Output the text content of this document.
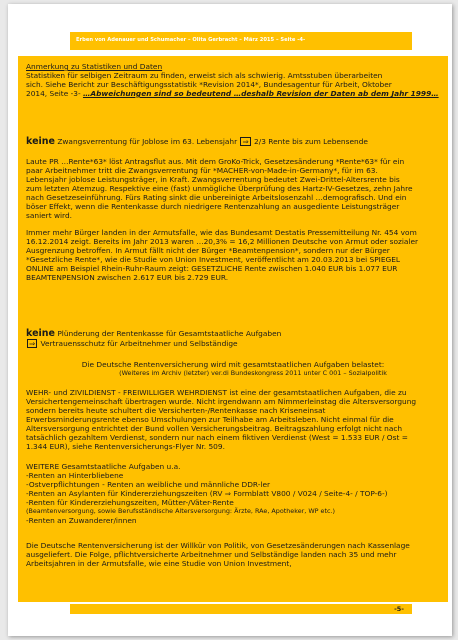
Erben von Adenauer und Schumacher – Olita Gerbracht – März 2015 – Seite -4-
Anmerkung zu Statistiken und Daten
Statistiken für selbigen Zeitraum zu finden, erweist sich als schwierig. Amtsstuben überarbeiten
sich. Siehe Bericht zur Beschäftigungsstatistik *Revision 2014*, Bundesagentur für Arbeit, Oktober
2014, Seite -3- …Abweichungen sind so bedeutend …deshalb Revision der Daten ab dem Jahr 1999…
keine Zwangsverrentung für Joblose im 63. Lebensjahr ⇒ 2/3 Rente bis zum Lebensende
Laute PR …Rente*63* löst Antragsflut aus. Mit dem GroKo-Trick, Gesetzesänderung *Rente*63* für ein
paar Arbeitnehmer tritt die Zwangsverrentung für *MACHER-von-Made-in-Germany*, für im 63.
Lebensjahr joblose Leistungsträger, in Kraft. Zwangsverrentung bedeutet Zwei-Drittel-Altersrente bis
zum letzten Atemzug. Respektive eine (fast) unmögliche Überprüfung des Hartz-IV-Gesetzes, zehn Jahre
nach Gesetzeseinführung. Fürs Rating sinkt die unbereinigte Arbeitslosenzahl …demografisch. Und ein
böser Effekt, wenn die Rentenkasse durch niedrigere Rentenzahlung an ausgediente Leistungsträger
saniert wird.
Immer mehr Bürger landen in der Armutsfalle, wie das Bundesamt Destatis Pressemitteilung Nr. 454 vom
16.12.2014 zeigt. Bereits im Jahr 2013 waren …20,3% = 16,2 Millionen Deutsche von Armut oder sozialer
Ausgrenzung betroffen. In Armut fällt nicht der Bürger *Beamtenpension*, sondern nur der Bürger
*Gesetzliche Rente*, wie die Studie von Union Investment, veröffentlicht am 20.03.2013 bei SPIEGEL
ONLINE am Beispiel Rhein-Ruhr-Raum zeigt: GESETZLICHE Rente zwischen 1.040 EUR bis 1.077 EUR
BEAMTENPENSION zwischen 2.617 EUR bis 2.729 EUR.
keine Plünderung der Rentenkasse für Gesamtstaatliche Aufgaben
⇒ Vertrauensschutz für Arbeitnehmer und Selbständige
Die Deutsche Rentenversicherung wird mit gesamtstaatlichen Aufgaben belastet:
(Weiteres im Archiv (letzter) ver.di Bundeskongress 2011 unter C 001 – Sozialpolitik
WEHR- und ZIVILDIENST - FREIWILLIGER WEHRDIENST ist eine der gesamtstaatlichen Aufgaben, die zu
Versichertengemeinschaft übertragen wurde. Nicht irgendwann am Nimmerleinstag die Altersversorgung
sondern bereits heute schultert die Versicherten-/Rentenkasse nach Kriseneinsat
Erwerbsminderungsrente ebenso Umschulungen zur Teilhabe am Arbeitsleben. Nicht einmal für die
Altersversorgung entrichtet der Bund vollen Versicherungsbeitrag. Beitragszahlung erfolgt nicht nach
tatsächlich gezahltem Verdienst, sondern nur nach einem fiktiven Verdienst (West = 1.533 EUR / Ost =
1.344 EUR), siehe Rentenversicherungs-Flyer Nr. 509.
WEITERE Gesamtstaatliche Aufgaben u.a.
-Renten an Hinterbliebene
-Ostverpflichtungen - Renten an weibliche und männliche DDR-ler
-Renten an Asylanten für Kindererziehungszeiten (RV ⇒ Formblatt V800 / V024 / Seite-4- / TOP-6-)
-Renten für Kindererziehungszeiten, Mütter-/Väter-Rente
(Beamtenversorgung, sowie Berufsständische Altersversorgung: Ärzte, RAe, Apotheker, WP etc.)
-Renten an Zuwanderer/innen
Die Deutsche Rentenversicherung ist der Willkür von Politik, von Gesetzesänderungen nach Kassenlage
ausgeliefert. Die Folge, pflichtversicherte Arbeitnehmer und Selbständige landen nach 35 und mehr
Arbeitsjahren in der Armutsfalle, wie eine Studie von Union Investment,
-5-
